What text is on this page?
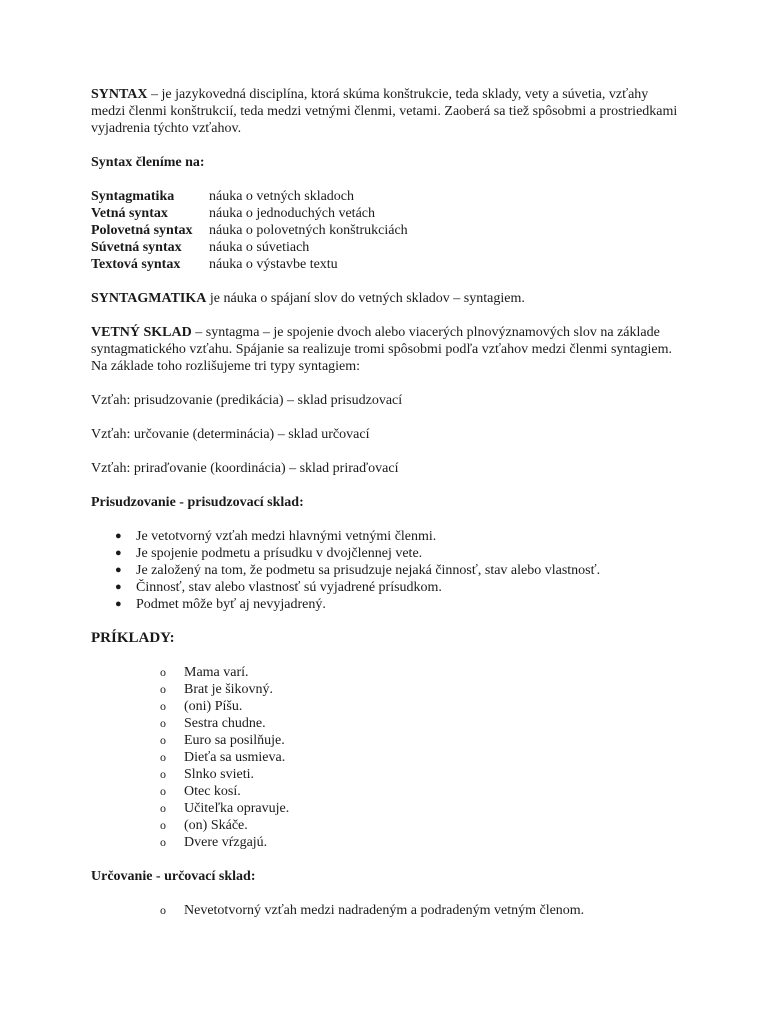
SYNTAX – je jazykovedná disciplína, ktorá skúma konštrukcie, teda sklady, vety a súvetia, vzťahy medzi členmi konštrukcií, teda medzi vetnými členmi, vetami. Zaoberá sa tiež spôsobmi a prostriedkami vyjadrenia týchto vzťahov.

Syntax členíme na:

Syntagmatika	náuka o vetných skladoch
Vetná syntax	náuka o jednoduchých vetách
Polovetná syntax	náuka o polovetných konštrukciách
Súvetná syntax	náuka o súvetiach
Textová syntax	náuka o výstavbe textu

SYNTAGMATIKA je náuka o spájaní slov do vetných skladov – syntagiem.

VETNÝ SKLAD – syntagma – je spojenie dvoch alebo viacerých plnovýznamových slov na základe syntagmatického vzťahu. Spájanie sa realizuje tromi spôsobmi podľa vzťahov medzi členmi syntagiem. Na základe toho rozlišujeme tri typy syntagiem:

Vzťah: prisudzovanie (predikácia) – sklad prisudzovací

Vzťah: určovanie (determinácia) – sklad určovací

Vzťah: priraďovanie (koordinácia) – sklad priraďovací

Prisudzovanie - prisudzovací sklad:

● Je vetotvorný vzťah medzi hlavnými vetnými členmi.
● Je spojenie podmetu a prísudku v dvojčlennej vete.
● Je založený na tom, že podmetu sa prisudzuje nejaká činnosť, stav alebo vlastnosť.
● Činnosť, stav alebo vlastnosť sú vyjadrené prísudkom.
● Podmet môže byť aj nevyjadrený.

PRÍKLADY:

o Mama varí.
o Brat je šikovný.
o (oni) Píšu.
o Sestra chudne.
o Euro sa posilňuje.
o Dieťa sa usmieva.
o Slnko svieti.
o Otec kosí.
o Učiteľka opravuje.
o (on) Skáče.
o Dvere vŕzgajú.

Určovanie - určovací sklad:

o Nevetotvorný vzťah medzi nadradeným a podradeným vetným členom.
